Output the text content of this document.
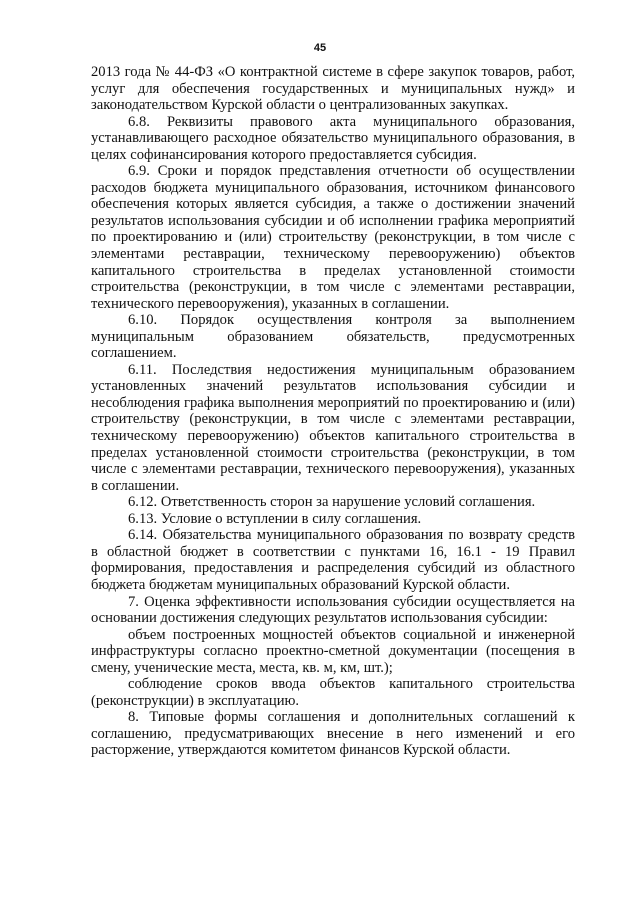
45

2013 года № 44-ФЗ «О контрактной системе в сфере закупок товаров, работ, услуг для обеспечения государственных и муниципальных нужд» и законодательством Курской области о централизованных закупках.

6.8. Реквизиты правового акта муниципального образования, устанавливающего расходное обязательство муниципального образования, в целях софинансирования которого предоставляется субсидия.

6.9. Сроки и порядок представления отчетности об осуществлении расходов бюджета муниципального образования, источником финансового обеспечения которых является субсидия, а также о достижении значений результатов использования субсидии и об исполнении графика мероприятий по проектированию и (или) строительству (реконструкции, в том числе с элементами реставрации, техническому перевооружению) объектов капитального строительства в пределах установленной стоимости строительства (реконструкции, в том числе с элементами реставрации, технического перевооружения), указанных в соглашении.

6.10. Порядок осуществления контроля за выполнением муниципальным образованием обязательств, предусмотренных соглашением.

6.11. Последствия недостижения муниципальным образованием установленных значений результатов использования субсидии и несоблюдения графика выполнения мероприятий по проектированию и (или) строительству (реконструкции, в том числе с элементами реставрации, техническому перевооружению) объектов капитального строительства в пределах установленной стоимости строительства (реконструкции, в том числе с элементами реставрации, технического перевооружения), указанных в соглашении.

6.12. Ответственность сторон за нарушение условий соглашения.

6.13. Условие о вступлении в силу соглашения.

6.14. Обязательства муниципального образования по возврату средств в областной бюджет в соответствии с пунктами 16, 16.1 - 19 Правил формирования, предоставления и распределения субсидий из областного бюджета бюджетам муниципальных образований Курской области.

7. Оценка эффективности использования субсидии осуществляется на основании достижения следующих результатов использования субсидии:

объем построенных мощностей объектов социальной и инженерной инфраструктуры согласно проектно-сметной документации (посещения в смену, ученические места, места, кв. м, км, шт.);

соблюдение сроков ввода объектов капитального строительства (реконструкции) в эксплуатацию.

8. Типовые формы соглашения и дополнительных соглашений к соглашению, предусматривающих внесение в него изменений и его расторжение, утверждаются комитетом финансов Курской области.
